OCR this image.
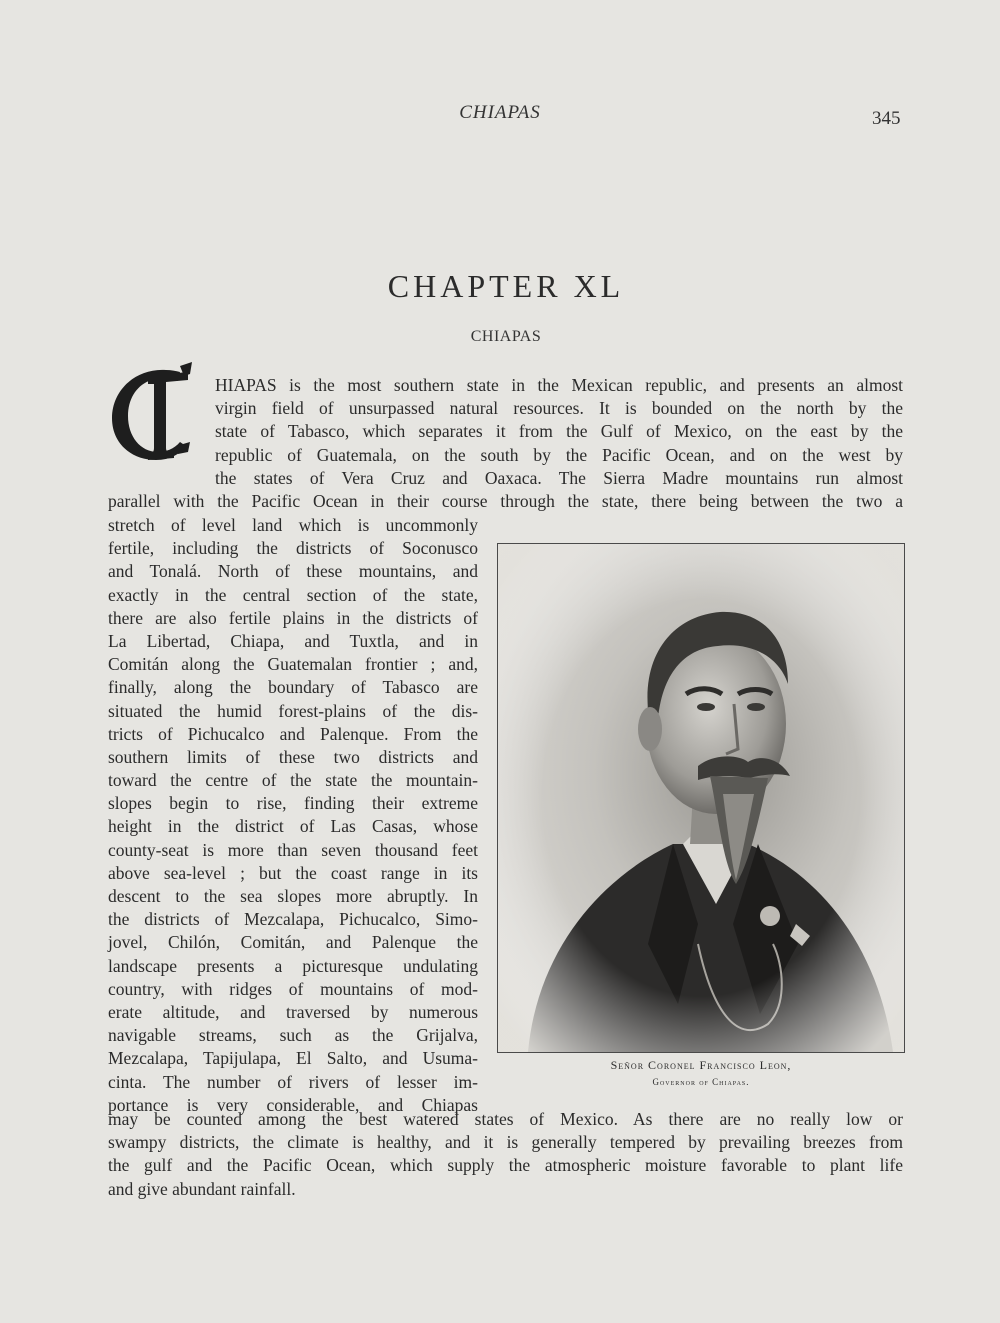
CHIAPAS	345
CHAPTER XL
CHIAPAS
HIAPAS is the most southern state in the Mexican republic, and presents an almost
virgin field of unsurpassed natural resources. It is bounded on the north by the
state of Tabasco, which separates it from the Gulf of Mexico, on the east by the
republic of Guatemala, on the south by the Pacific Ocean, and on the west by
the states of Vera Cruz and Oaxaca. The Sierra Madre mountains run almost
parallel with the Pacific Ocean in their course through the state, there being between the two a
stretch of level land which is uncommonly
fertile, including the districts of Soconusco
and Tonalá. North of these mountains, and
exactly in the central section of the state,
there are also fertile plains in the districts of
La Libertad, Chiapa, and Tuxtla, and in
Comitán along the Guatemalan frontier ; and,
finally, along the boundary of Tabasco are
situated the humid forest-plains of the dis-
tricts of Pichucalco and Palenque. From the
southern limits of these two districts and
toward the centre of the state the mountain-
slopes begin to rise, finding their extreme
height in the district of Las Casas, whose
county-seat is more than seven thousand feet
above sea-level ; but the coast range in its
descent to the sea slopes more abruptly. In
the districts of Mezcalapa, Pichucalco, Simo-
jovel, Chilón, Comitán, and Palenque the
landscape presents a picturesque undulating
country, with ridges of mountains of mod-
erate altitude, and traversed by numerous
navigable streams, such as the Grijalva,
Mezcalapa, Tapijulapa, El Salto, and Usuma-
cinta. The number of rivers of lesser im-
portance is very considerable, and Chiapas
Señor Coronel Francisco Leon,
Governor of Chiapas.
may be counted among the best watered states of Mexico. As there are no really low or
swampy districts, the climate is healthy, and it is generally tempered by prevailing breezes from
the gulf and the Pacific Ocean, which supply the atmospheric moisture favorable to plant life
and give abundant rainfall.
